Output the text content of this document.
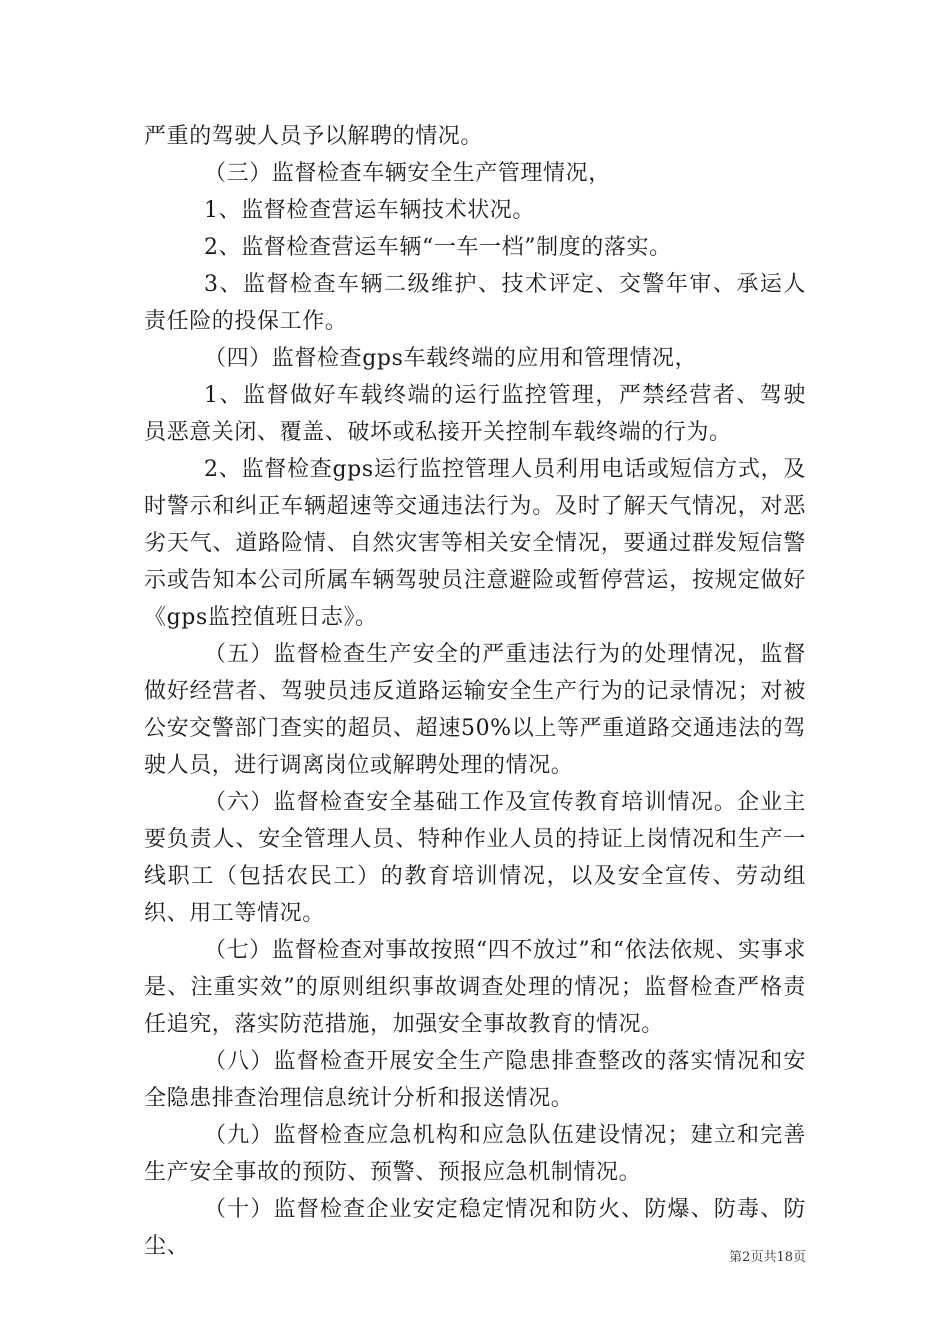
严重的驾驶人员予以解聘的情况。

（三）监督检查车辆安全生产管理情况，

1、监督检查营运车辆技术状况。

2、监督检查营运车辆“一车一档”制度的落实。

3、监督检查车辆二级维护、技术评定、交警年审、承运人责任险的投保工作。

（四）监督检查gps车载终端的应用和管理情况，

1、监督做好车载终端的运行监控管理，严禁经营者、驾驶员恶意关闭、覆盖、破坏或私接开关控制车载终端的行为。

2、监督检查gps运行监控管理人员利用电话或短信方式，及时警示和纠正车辆超速等交通违法行为。及时了解天气情况，对恶劣天气、道路险情、自然灾害等相关安全情况，要通过群发短信警示或告知本公司所属车辆驾驶员注意避险或暂停营运，按规定做好《gps监控值班日志》。

（五）监督检查生产安全的严重违法行为的处理情况，监督做好经营者、驾驶员违反道路运输安全生产行为的记录情况；对被公安交警部门查实的超员、超速50%以上等严重道路交通违法的驾驶人员，进行调离岗位或解聘处理的情况。

（六）监督检查安全基础工作及宣传教育培训情况。企业主要负责人、安全管理人员、特种作业人员的持证上岗情况和生产一线职工（包括农民工）的教育培训情况，以及安全宣传、劳动组织、用工等情况。

（七）监督检查对事故按照“四不放过”和“依法依规、实事求是、注重实效”的原则组织事故调查处理的情况；监督检查严格责任追究，落实防范措施，加强安全事故教育的情况。

（八）监督检查开展安全生产隐患排查整改的落实情况和安全隐患排查治理信息统计分析和报送情况。

（九）监督检查应急机构和应急队伍建设情况；建立和完善生产安全事故的预防、预警、预报应急机制情况。

（十）监督检查企业安定稳定情况和防火、防爆、防毒、防尘、	第2页共18页
